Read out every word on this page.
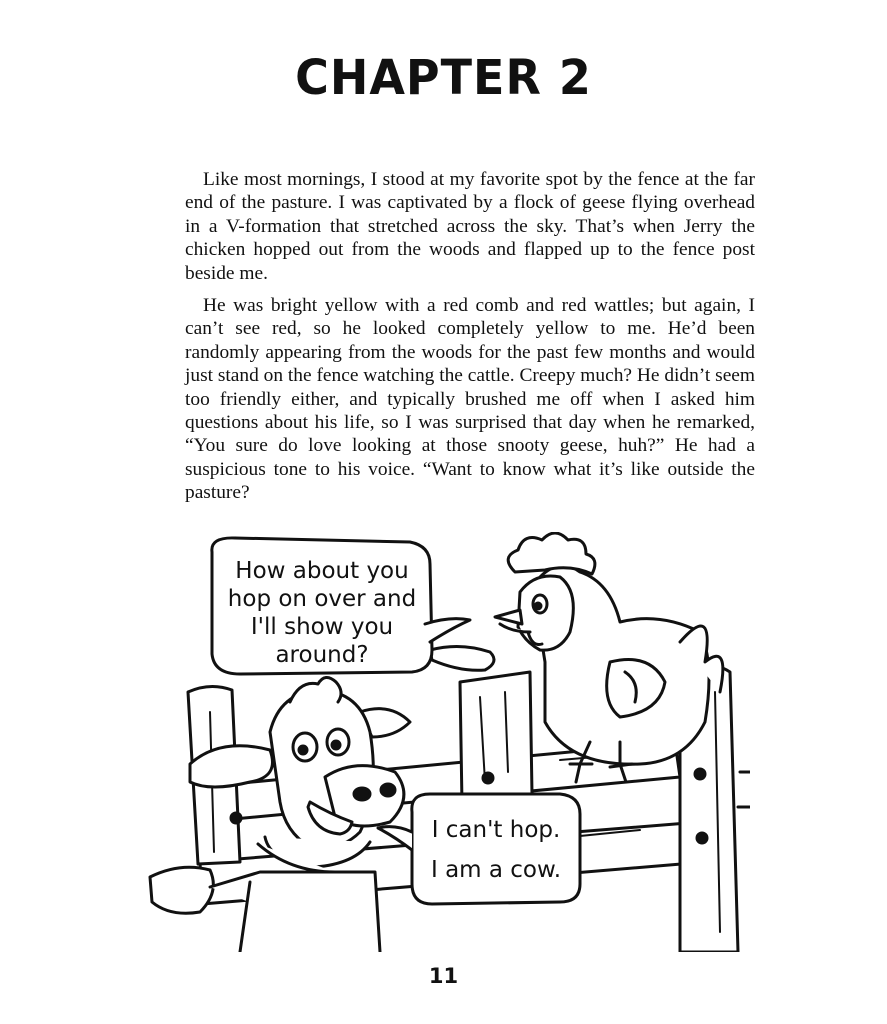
CHAPTER 2

Like most mornings, I stood at my favorite spot by the fence at the far end of the pasture. I was captivated by a flock of geese flying overhead in a V-formation that stretched across the sky. That’s when Jerry the chicken hopped out from the woods and flapped up to the fence post beside me.

He was bright yellow with a red comb and red wattles; but again, I can’t see red, so he looked completely yellow to me. He’d been randomly appearing from the woods for the past few months and would just stand on the fence watching the cattle. Creepy much? He didn’t seem too friendly either, and typically brushed me off when I asked him questions about his life, so I was surprised that day when he remarked, “You sure do love looking at those snooty geese, huh?” He had a suspicious tone to his voice. “Want to know what it’s like outside the pasture?

How about you
hop on over and
I'll show you
around?
I can't hop.
I am a cow.
11
